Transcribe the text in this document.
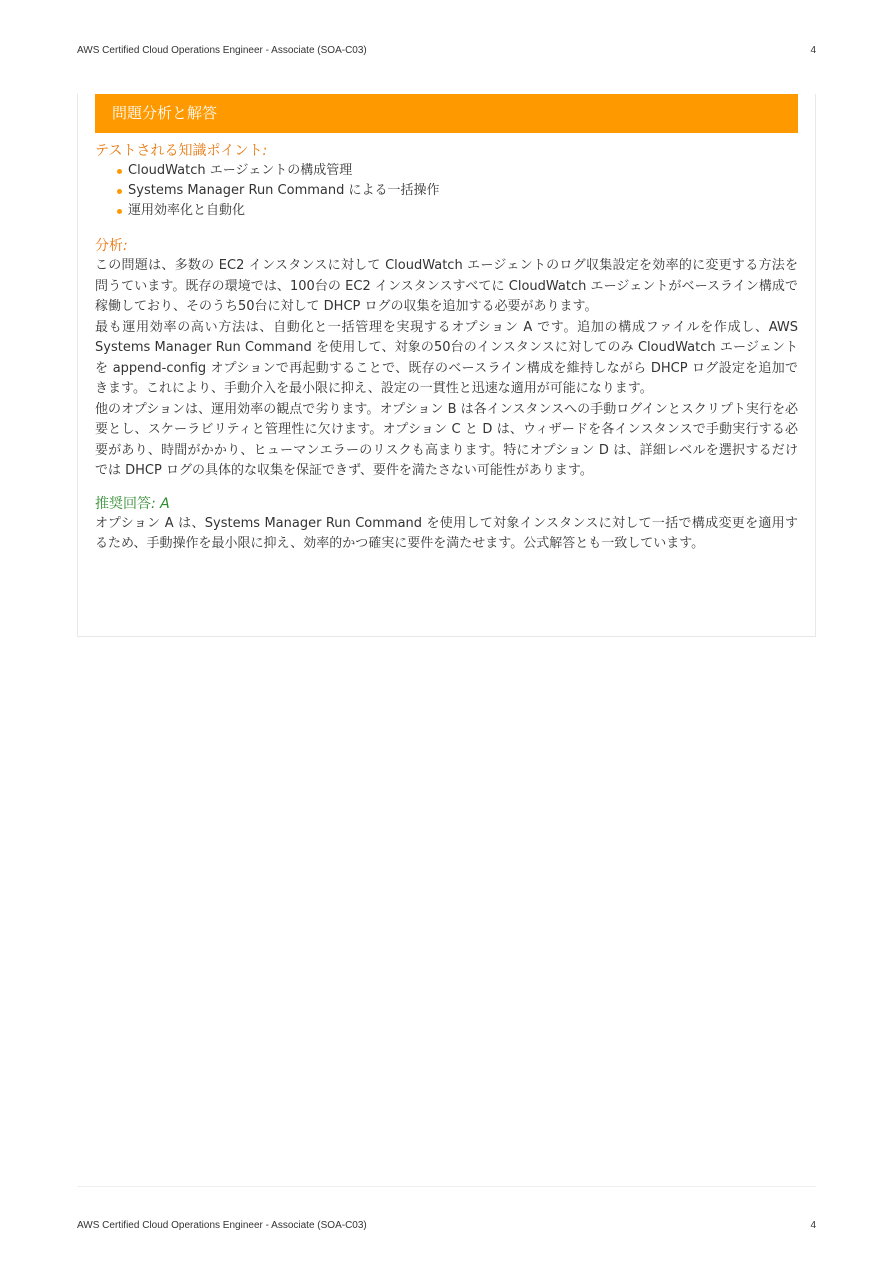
AWS Certified Cloud Operations Engineer - Associate (SOA-C03)	4
問題分析と解答
テストされる知識ポイント:
CloudWatch エージェントの構成管理
Systems Manager Run Command による一括操作
運用効率化と自動化
分析:

この問題は、多数の EC2 インスタンスに対して CloudWatch エージェントのログ収集設定を効率的に変更する方法を問うています。既存の環境では、100台の EC2 インスタンスすべてに CloudWatch エージェントがベースライン構成で稼働しており、そのうち50台に対して DHCP ログの収集を追加する必要があります。

最も運用効率の高い方法は、自動化と一括管理を実現するオプション A です。追加の構成ファイルを作成し、AWS Systems Manager Run Command を使用して、対象の50台のインスタンスに対してのみ CloudWatch エージェントを append-config オプションで再起動することで、既存のベースライン構成を維持しながら DHCP ログ設定を追加できます。これにより、手動介入を最小限に抑え、設定の一貫性と迅速な適用が可能になります。

他のオプションは、運用効率の観点で劣ります。オプション B は各インスタンスへの手動ログインとスクリプト実行を必要とし、スケーラビリティと管理性に欠けます。オプション C と D は、ウィザードを各インスタンスで手動実行する必要があり、時間がかかり、ヒューマンエラーのリスクも高まります。特にオプション D は、詳細レベルを選択するだけでは DHCP ログの具体的な収集を保証できず、要件を満たさない可能性があります。

推奨回答: A

オプション A は、Systems Manager Run Command を使用して対象インスタンスに対して一括で構成変更を適用するため、手動操作を最小限に抑え、効率的かつ確実に要件を満たせます。公式解答とも一致しています。

AWS Certified Cloud Operations Engineer - Associate (SOA-C03)	4
